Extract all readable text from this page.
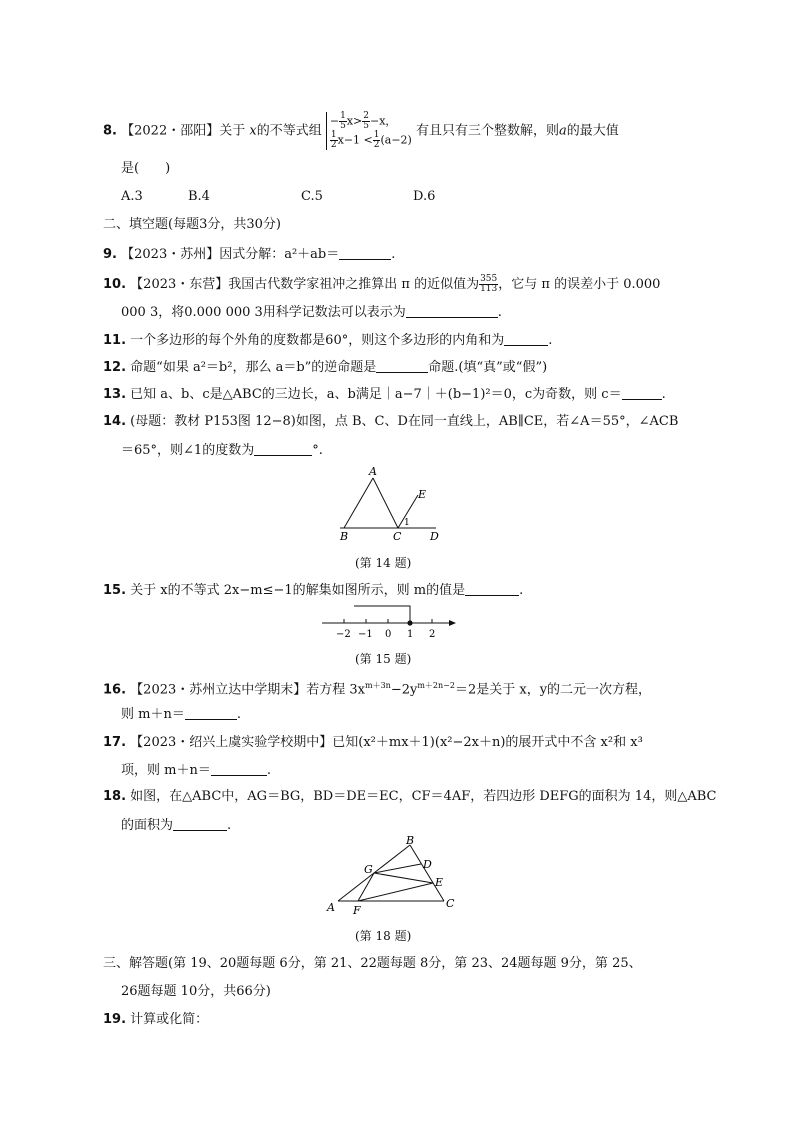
8. 【2022・邵阳】关于 x的不等式组
− $\frac{1}{5} x> \frac{2}{5} -x$，
$\frac{1}{2} x-1 < \frac{1}{2} (a-2)$
有且只有三个整数解，则a的最大值
是(　　)
A.3	B.4	C.5	D.6
二、填空题(每题3分，共30分)
9. 【2023・苏州】因式分解：a²＋ab＝	.
10. 【2023・东营】我国古代数学家祖冲之推算出 π 的近似值为 $\frac{355}{113}$ ，它与 π 的误差小于 0.000
000 3，将0.000 000 3用科学记数法可以表示为	.
11. 一个多边形的每个外角的度数都是60°，则这个多边形的内角和为	.
12. 命题“如果 a²＝b²，那么 a＝b”的逆命题是	命题.(填“真”或“假”)
13. 已知 a、b、c是△ABC的三边长，a、b满足｜a−7｜＋(b−1)²＝0，c为奇数，则 c＝	.
14. (母题：教材 P153图 12−8)如图，点 B、C、D在同一直线上，AB∥CE，若∠A＝55°，∠ACB
＝65°，则∠1的度数为	°.
A
B	C	D
E
1
(第 14 题)
15. 关于 x的不等式 2x−m≤−1的解集如图所示，则 m的值是	.
−2 −1 0 1 2
(第 15 题)
16. 【2023・苏州立达中学期末】若方程 $3x^{m+3n}-2y^{m+2n-2}=2$是关于 x，y的二元一次方程，
则 m＋n＝	.
17. 【2023・绍兴上虞实验学校期中】已知(x²＋mx＋1)(x²−2x＋n)的展开式中不含 x²和 x³
项，则 m＋n＝	.
18. 如图，在△ABC中，AG＝BG，BD＝DE＝EC，CF＝4AF，若四边形 DEFG的面积为 14，则△ABC
的面积为	.
A
B
C
D
E
F
G
(第 18 题)
三、解答题(第 19、20题每题 6分，第 21、22题每题 8分，第 23、24题每题 9分，第 25、
26题每题 10分，共66分)
19. 计算或化简：
